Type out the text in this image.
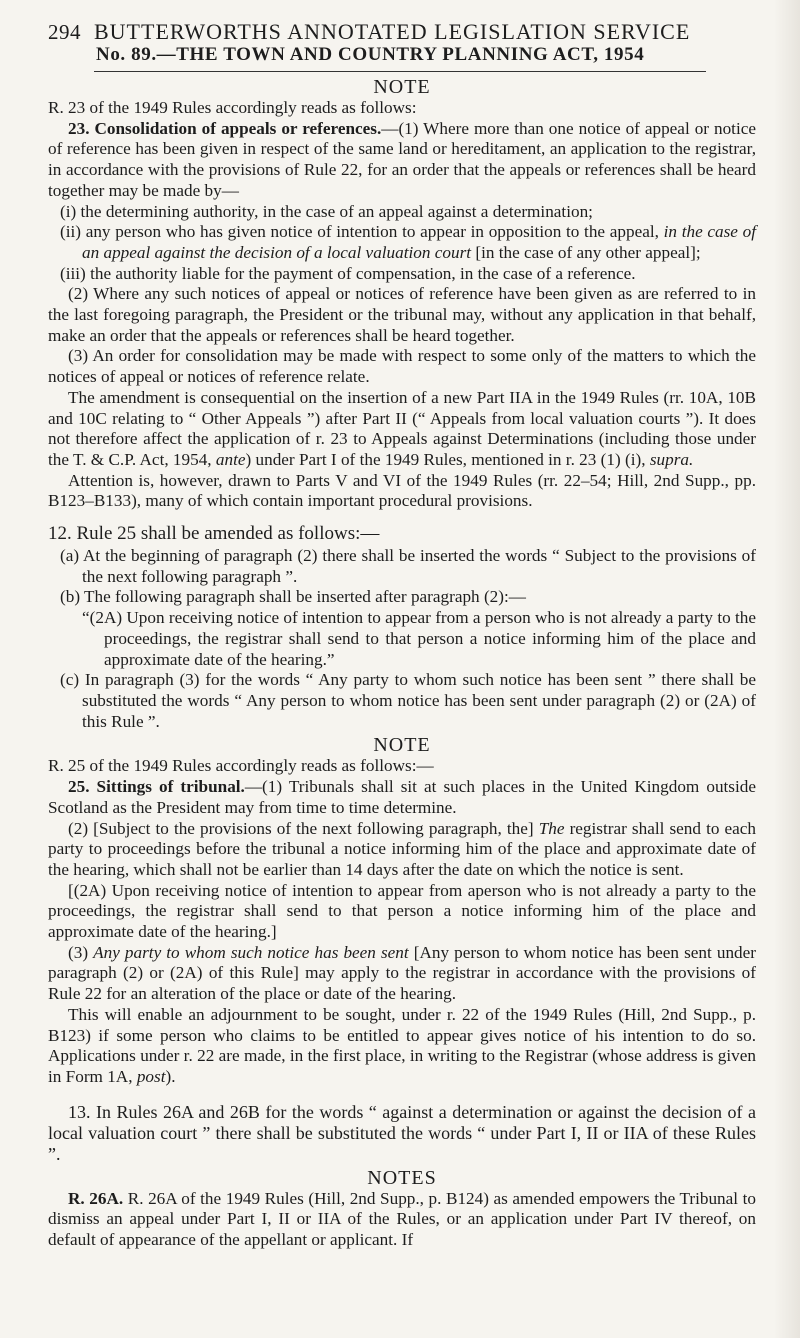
294 BUTTERWORTHS ANNOTATED LEGISLATION SERVICE
No. 89.—THE TOWN AND COUNTRY PLANNING ACT, 1954
NOTE

R. 23 of the 1949 Rules accordingly reads as follows:

23. Consolidation of appeals or references.—(1) Where more than one notice of appeal or notice of reference has been given in respect of the same land or hereditament, an application to the registrar, in accordance with the provisions of Rule 22, for an order that the appeals or references shall be heard together may be made by—

(i) the determining authority, in the case of an appeal against a determination;

(ii) any person who has given notice of intention to appear in opposition to the appeal, in the case of an appeal against the decision of a local valuation court [in the case of any other appeal];

(iii) the authority liable for the payment of compensation, in the case of a reference.

(2) Where any such notices of appeal or notices of reference have been given as are referred to in the last foregoing paragraph, the President or the tribunal may, without any application in that behalf, make an order that the appeals or references shall be heard together.

(3) An order for consolidation may be made with respect to some only of the matters to which the notices of appeal or notices of reference relate.

The amendment is consequential on the insertion of a new Part IIA in the 1949 Rules (rr. 10A, 10B and 10C relating to “ Other Appeals ”) after Part II (“ Appeals from local valuation courts ”). It does not therefore affect the application of r. 23 to Appeals against Determinations (including those under the T. & C.P. Act, 1954, ante) under Part I of the 1949 Rules, mentioned in r. 23 (1) (i), supra.

Attention is, however, drawn to Parts V and VI of the 1949 Rules (rr. 22–54; Hill, 2nd Supp., pp. B123–B133), many of which contain important procedural provisions.

12. Rule 25 shall be amended as follows:—

(a) At the beginning of paragraph (2) there shall be inserted the words “ Subject to the provisions of the next following paragraph ”.

(b) The following paragraph shall be inserted after paragraph (2):—

“(2A) Upon receiving notice of intention to appear from a person who is not already a party to the proceedings, the registrar shall send to that person a notice informing him of the place and approximate date of the hearing.”

(c) In paragraph (3) for the words “ Any party to whom such notice has been sent ” there shall be substituted the words “ Any person to whom notice has been sent under paragraph (2) or (2A) of this Rule ”.

NOTE

R. 25 of the 1949 Rules accordingly reads as follows:—

25. Sittings of tribunal.—(1) Tribunals shall sit at such places in the United Kingdom outside Scotland as the President may from time to time determine.

(2) [Subject to the provisions of the next following paragraph, the] The registrar shall send to each party to proceedings before the tribunal a notice informing him of the place and approximate date of the hearing, which shall not be earlier than 14 days after the date on which the notice is sent.

[(2A) Upon receiving notice of intention to appear from aperson who is not already a party to the proceedings, the registrar shall send to that person a notice informing him of the place and approximate date of the hearing.]

(3) Any party to whom such notice has been sent [Any person to whom notice has been sent under paragraph (2) or (2A) of this Rule] may apply to the registrar in accordance with the provisions of Rule 22 for an alteration of the place or date of the hearing.

This will enable an adjournment to be sought, under r. 22 of the 1949 Rules (Hill, 2nd Supp., p. B123) if some person who claims to be entitled to appear gives notice of his intention to do so. Applications under r. 22 are made, in the first place, in writing to the Registrar (whose address is given in Form 1A, post).

13. In Rules 26A and 26B for the words “ against a determination or against the decision of a local valuation court ” there shall be substituted the words “ under Part I, II or IIA of these Rules ”.

NOTES

R. 26A. R. 26A of the 1949 Rules (Hill, 2nd Supp., p. B124) as amended empowers the Tribunal to dismiss an appeal under Part I, II or IIA of the Rules, or an application under Part IV thereof, on default of appearance of the appellant or applicant. If
